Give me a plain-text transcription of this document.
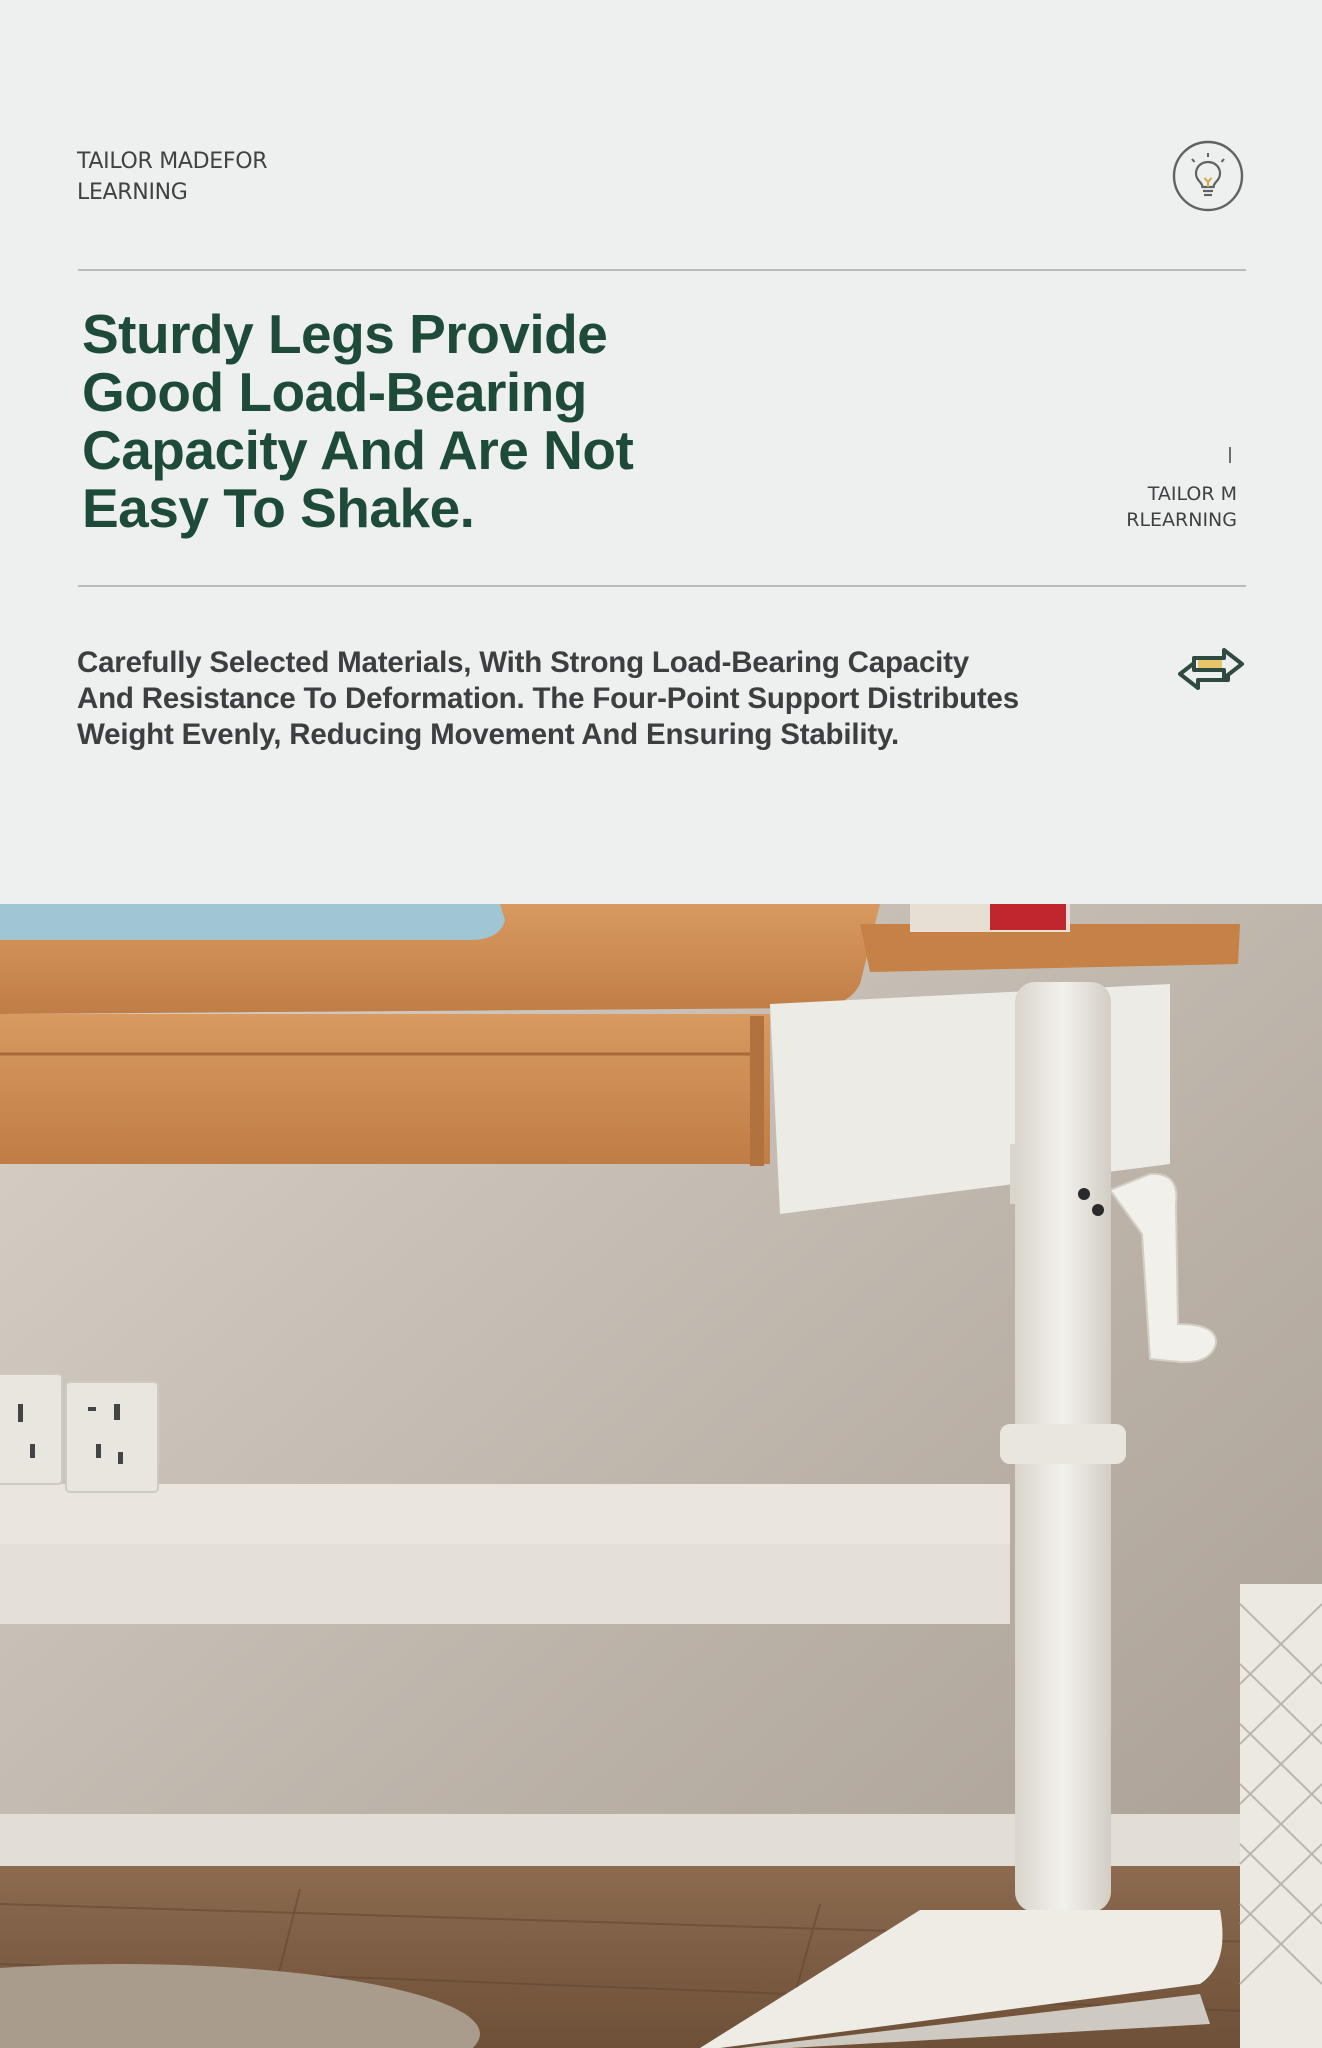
TAILOR MADEFOR
LEARNING
Sturdy Legs Provide
Good Load-Bearing
Capacity And Are Not
Easy To Shake.	TAILOR M
RLEARNING

Carefully Selected Materials, With Strong Load-Bearing Capacity
And Resistance To Deformation. The Four-Point Support Distributes
Weight Evenly, Reducing Movement And Ensuring Stability.
